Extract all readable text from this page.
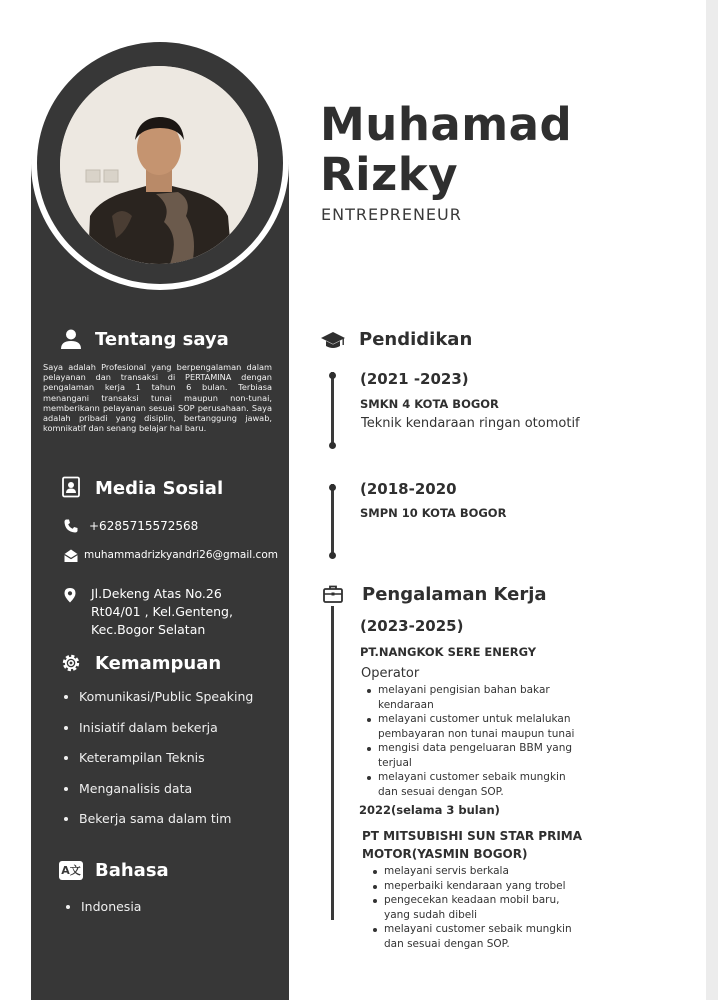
Tentang saya
Saya adalah Profesional yang berpengalaman dalam pelayanan dan transaksi di PERTAMINA dengan pengalaman kerja 1 tahun 6 bulan. Terbiasa menangani transaksi tunai maupun non-tunai, memberikann pelayanan sesuai SOP perusahaan. Saya adalah pribadi yang disiplin, bertanggung jawab, komnikatif dan senang belajar hal baru.
Media Sosial
+6285715572568
muhammadrizkyandri26@gmail.com
Jl.Dekeng Atas No.26
Rt04/01 , Kel.Genteng,
Kec.Bogor Selatan
Kemampuan
Komunikasi/Public Speaking
Inisiatif dalam bekerja
Keterampilan Teknis
Menganalisis data
Bekerja sama dalam tim
A文 Bahasa
Indonesia
Muhamad
Rizky
ENTREPRENEUR
Pendidikan
(2021 -2023)
SMKN 4 KOTA BOGOR
Teknik kendaraan ringan otomotif
(2018-2020
SMPN 10 KOTA BOGOR
Pengalaman Kerja
(2023-2025)
PT.NANGKOK SERE ENERGY
Operator
melayani pengisian bahan bakar kendaraan
melayani customer untuk melalukan pembayaran non tunai maupun tunai
mengisi data pengeluaran BBM yang terjual
melayani customer sebaik mungkin dan sesuai dengan SOP.
2022(selama 3 bulan)
PT MITSUBISHI SUN STAR PRIMA
MOTOR(YASMIN BOGOR)
melayani servis berkala
meperbaiki kendaraan yang trobel
pengecekan keadaan mobil baru, yang sudah dibeli
melayani customer sebaik mungkin dan sesuai dengan SOP.
